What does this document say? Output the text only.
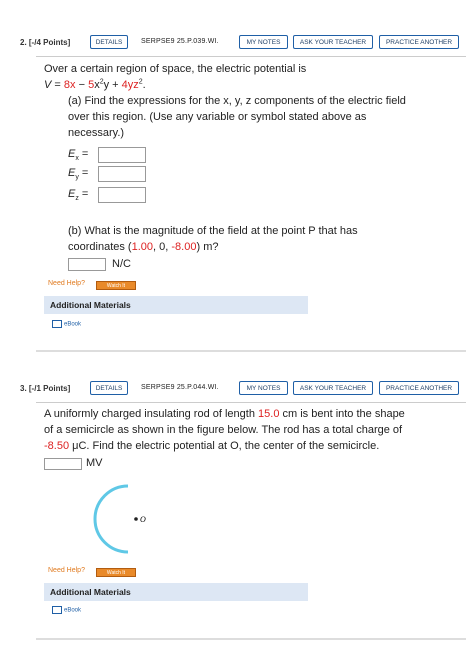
2. [-/4 Points]	DETAILS	SERPSE9 25.P.039.WI.	MY NOTES	ASK YOUR TEACHER	PRACTICE ANOTHER
Over a certain region of space, the electric potential is
$V = 8x - 5x^2y + 4yz^2$.
(a) Find the expressions for the x, y, z components of the electric field
over this region. (Use any variable or symbol stated above as
necessary.)
$E_x$ =
$E_y$ =
$E_z$ =
(b) What is the magnitude of the field at the point P that has
coordinates (1.00, 0, -8.00) m?
N/C
Need Help?	Watch It
Additional Materials
eBook
3. [-/1 Points]	DETAILS	SERPSE9 25.P.044.WI.	MY NOTES	ASK YOUR TEACHER	PRACTICE ANOTHER
A uniformly charged insulating rod of length 15.0 cm is bent into the shape
of a semicircle as shown in the figure below. The rod has a total charge of
-8.50 μC. Find the electric potential at O, the center of the semicircle.
MV
O
Need Help?	Watch It
Additional Materials
eBook
